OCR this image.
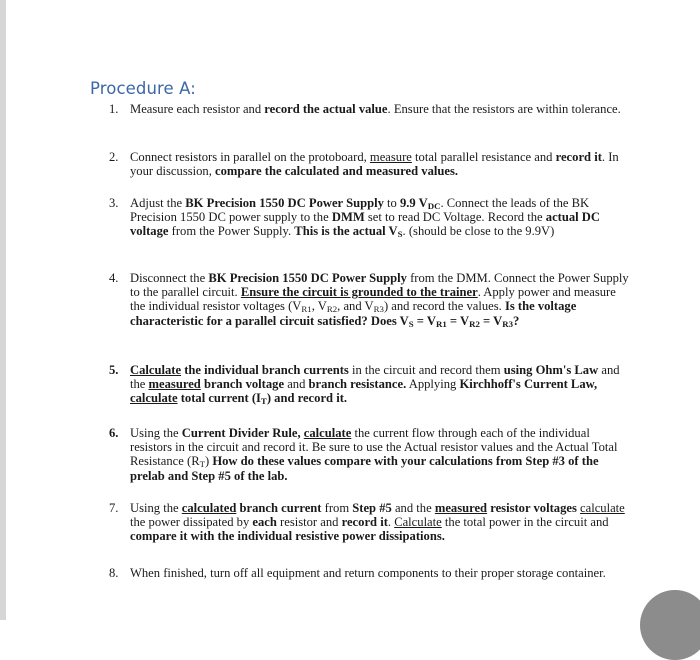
Procedure A:
1. Measure each resistor and record the actual value. Ensure that the resistors are within tolerance.
2. Connect resistors in parallel on the protoboard, measure total parallel resistance and record it. In your discussion, compare the calculated and measured values.
3. Adjust the BK Precision 1550 DC Power Supply to 9.9 $V_{DC}$. Connect the leads of the BK Precision 1550 DC power supply to the DMM set to read DC Voltage. Record the actual DC voltage from the Power Supply. This is the actual $V_S$. (should be close to the 9.9V)
4. Disconnect the BK Precision 1550 DC Power Supply from the DMM. Connect the Power Supply to the parallel circuit. Ensure the circuit is grounded to the trainer. Apply power and measure the individual resistor voltages ($V_{R1}$, $V_{R2}$, and $V_{R3}$) and record the values. Is the voltage characteristic for a parallel circuit satisfied? Does $V_S = V_{R1} = V_{R2} = V_{R3}$?
5. Calculate the individual branch currents in the circuit and record them using Ohm's Law and the measured branch voltage and branch resistance. Applying Kirchhoff's Current Law, calculate total current $(I_T)$ and record it.
6. Using the Current Divider Rule, calculate the current flow through each of the individual resistors in the circuit and record it. Be sure to use the Actual resistor values and the Actual Total Resistance $(R_T)$ How do these values compare with your calculations from Step #3 of the prelab and Step #5 of the lab.
7. Using the calculated branch current from Step #5 and the measured resistor voltages calculate the power dissipated by each resistor and record it. Calculate the total power in the circuit and compare it with the individual resistive power dissipations.
8. When finished, turn off all equipment and return components to their proper storage container.
